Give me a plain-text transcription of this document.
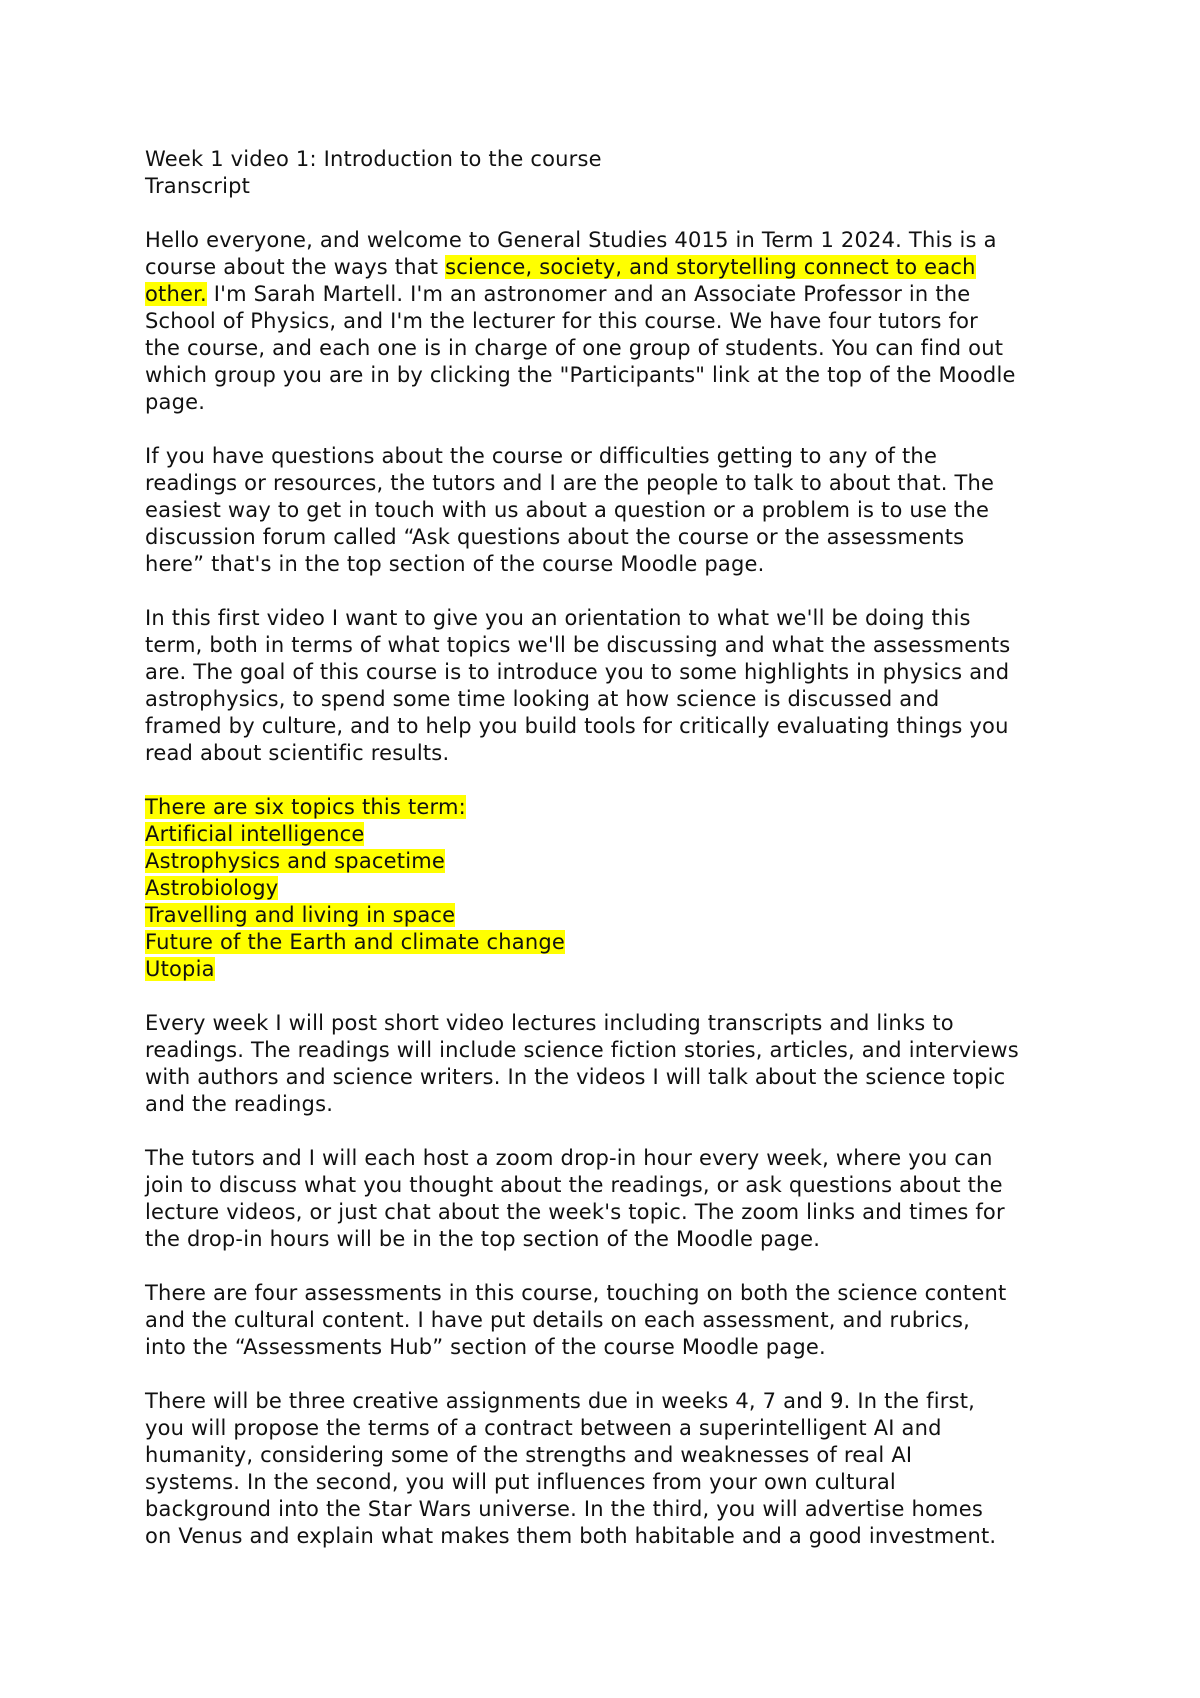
Week 1 video 1: Introduction to the course
Transcript
Hello everyone, and welcome to General Studies 4015 in Term 1 2024. This is a
course about the ways that science, society, and storytelling connect to each
other. I'm Sarah Martell. I'm an astronomer and an Associate Professor in the
School of Physics, and I'm the lecturer for this course. We have four tutors for
the course, and each one is in charge of one group of students. You can find out
which group you are in by clicking the "Participants" link at the top of the Moodle
page.
If you have questions about the course or difficulties getting to any of the
readings or resources, the tutors and I are the people to talk to about that. The
easiest way to get in touch with us about a question or a problem is to use the
discussion forum called “Ask questions about the course or the assessments
here” that's in the top section of the course Moodle page.
In this first video I want to give you an orientation to what we'll be doing this
term, both in terms of what topics we'll be discussing and what the assessments
are. The goal of this course is to introduce you to some highlights in physics and
astrophysics, to spend some time looking at how science is discussed and
framed by culture, and to help you build tools for critically evaluating things you
read about scientific results.
There are six topics this term:
Artificial intelligence
Astrophysics and spacetime
Astrobiology
Travelling and living in space
Future of the Earth and climate change
Utopia
Every week I will post short video lectures including transcripts and links to
readings. The readings will include science fiction stories, articles, and interviews
with authors and science writers. In the videos I will talk about the science topic
and the readings.
The tutors and I will each host a zoom drop-in hour every week, where you can
join to discuss what you thought about the readings, or ask questions about the
lecture videos, or just chat about the week's topic. The zoom links and times for
the drop-in hours will be in the top section of the Moodle page.
There are four assessments in this course, touching on both the science content
and the cultural content. I have put details on each assessment, and rubrics,
into the “Assessments Hub” section of the course Moodle page.
There will be three creative assignments due in weeks 4, 7 and 9. In the first,
you will propose the terms of a contract between a superintelligent AI and
humanity, considering some of the strengths and weaknesses of real AI
systems. In the second, you will put influences from your own cultural
background into the Star Wars universe. In the third, you will advertise homes
on Venus and explain what makes them both habitable and a good investment.
